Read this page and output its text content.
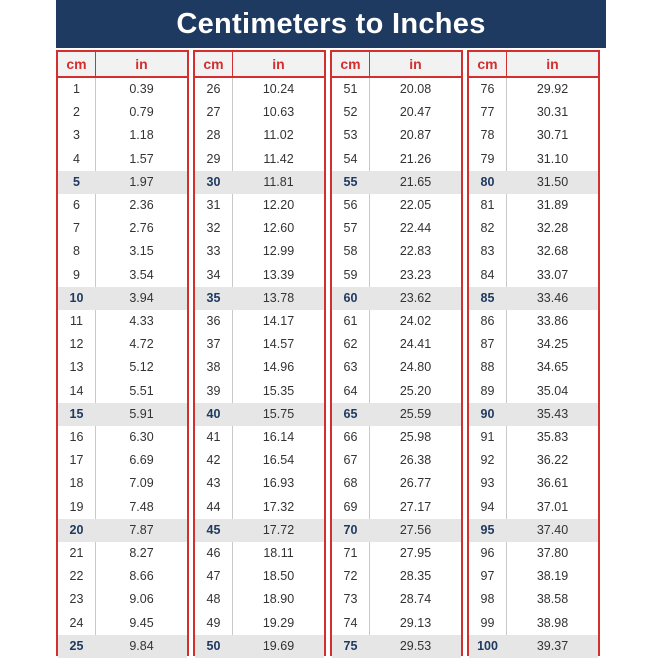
Centimeters to Inches
cm	in
1	0.39
2	0.79
3	1.18
4	1.57
5	1.97
6	2.36
7	2.76
8	3.15
9	3.54
10	3.94
11	4.33
12	4.72
13	5.12
14	5.51
15	5.91
16	6.30
17	6.69
18	7.09
19	7.48
20	7.87
21	8.27
22	8.66
23	9.06
24	9.45
25	9.84
cm	in
26	10.24
27	10.63
28	11.02
29	11.42
30	11.81
31	12.20
32	12.60
33	12.99
34	13.39
35	13.78
36	14.17
37	14.57
38	14.96
39	15.35
40	15.75
41	16.14
42	16.54
43	16.93
44	17.32
45	17.72
46	18.11
47	18.50
48	18.90
49	19.29
50	19.69
cm	in
51	20.08
52	20.47
53	20.87
54	21.26
55	21.65
56	22.05
57	22.44
58	22.83
59	23.23
60	23.62
61	24.02
62	24.41
63	24.80
64	25.20
65	25.59
66	25.98
67	26.38
68	26.77
69	27.17
70	27.56
71	27.95
72	28.35
73	28.74
74	29.13
75	29.53
cm	in
76	29.92
77	30.31
78	30.71
79	31.10
80	31.50
81	31.89
82	32.28
83	32.68
84	33.07
85	33.46
86	33.86
87	34.25
88	34.65
89	35.04
90	35.43
91	35.83
92	36.22
93	36.61
94	37.01
95	37.40
96	37.80
97	38.19
98	38.58
99	38.98
100	39.37
